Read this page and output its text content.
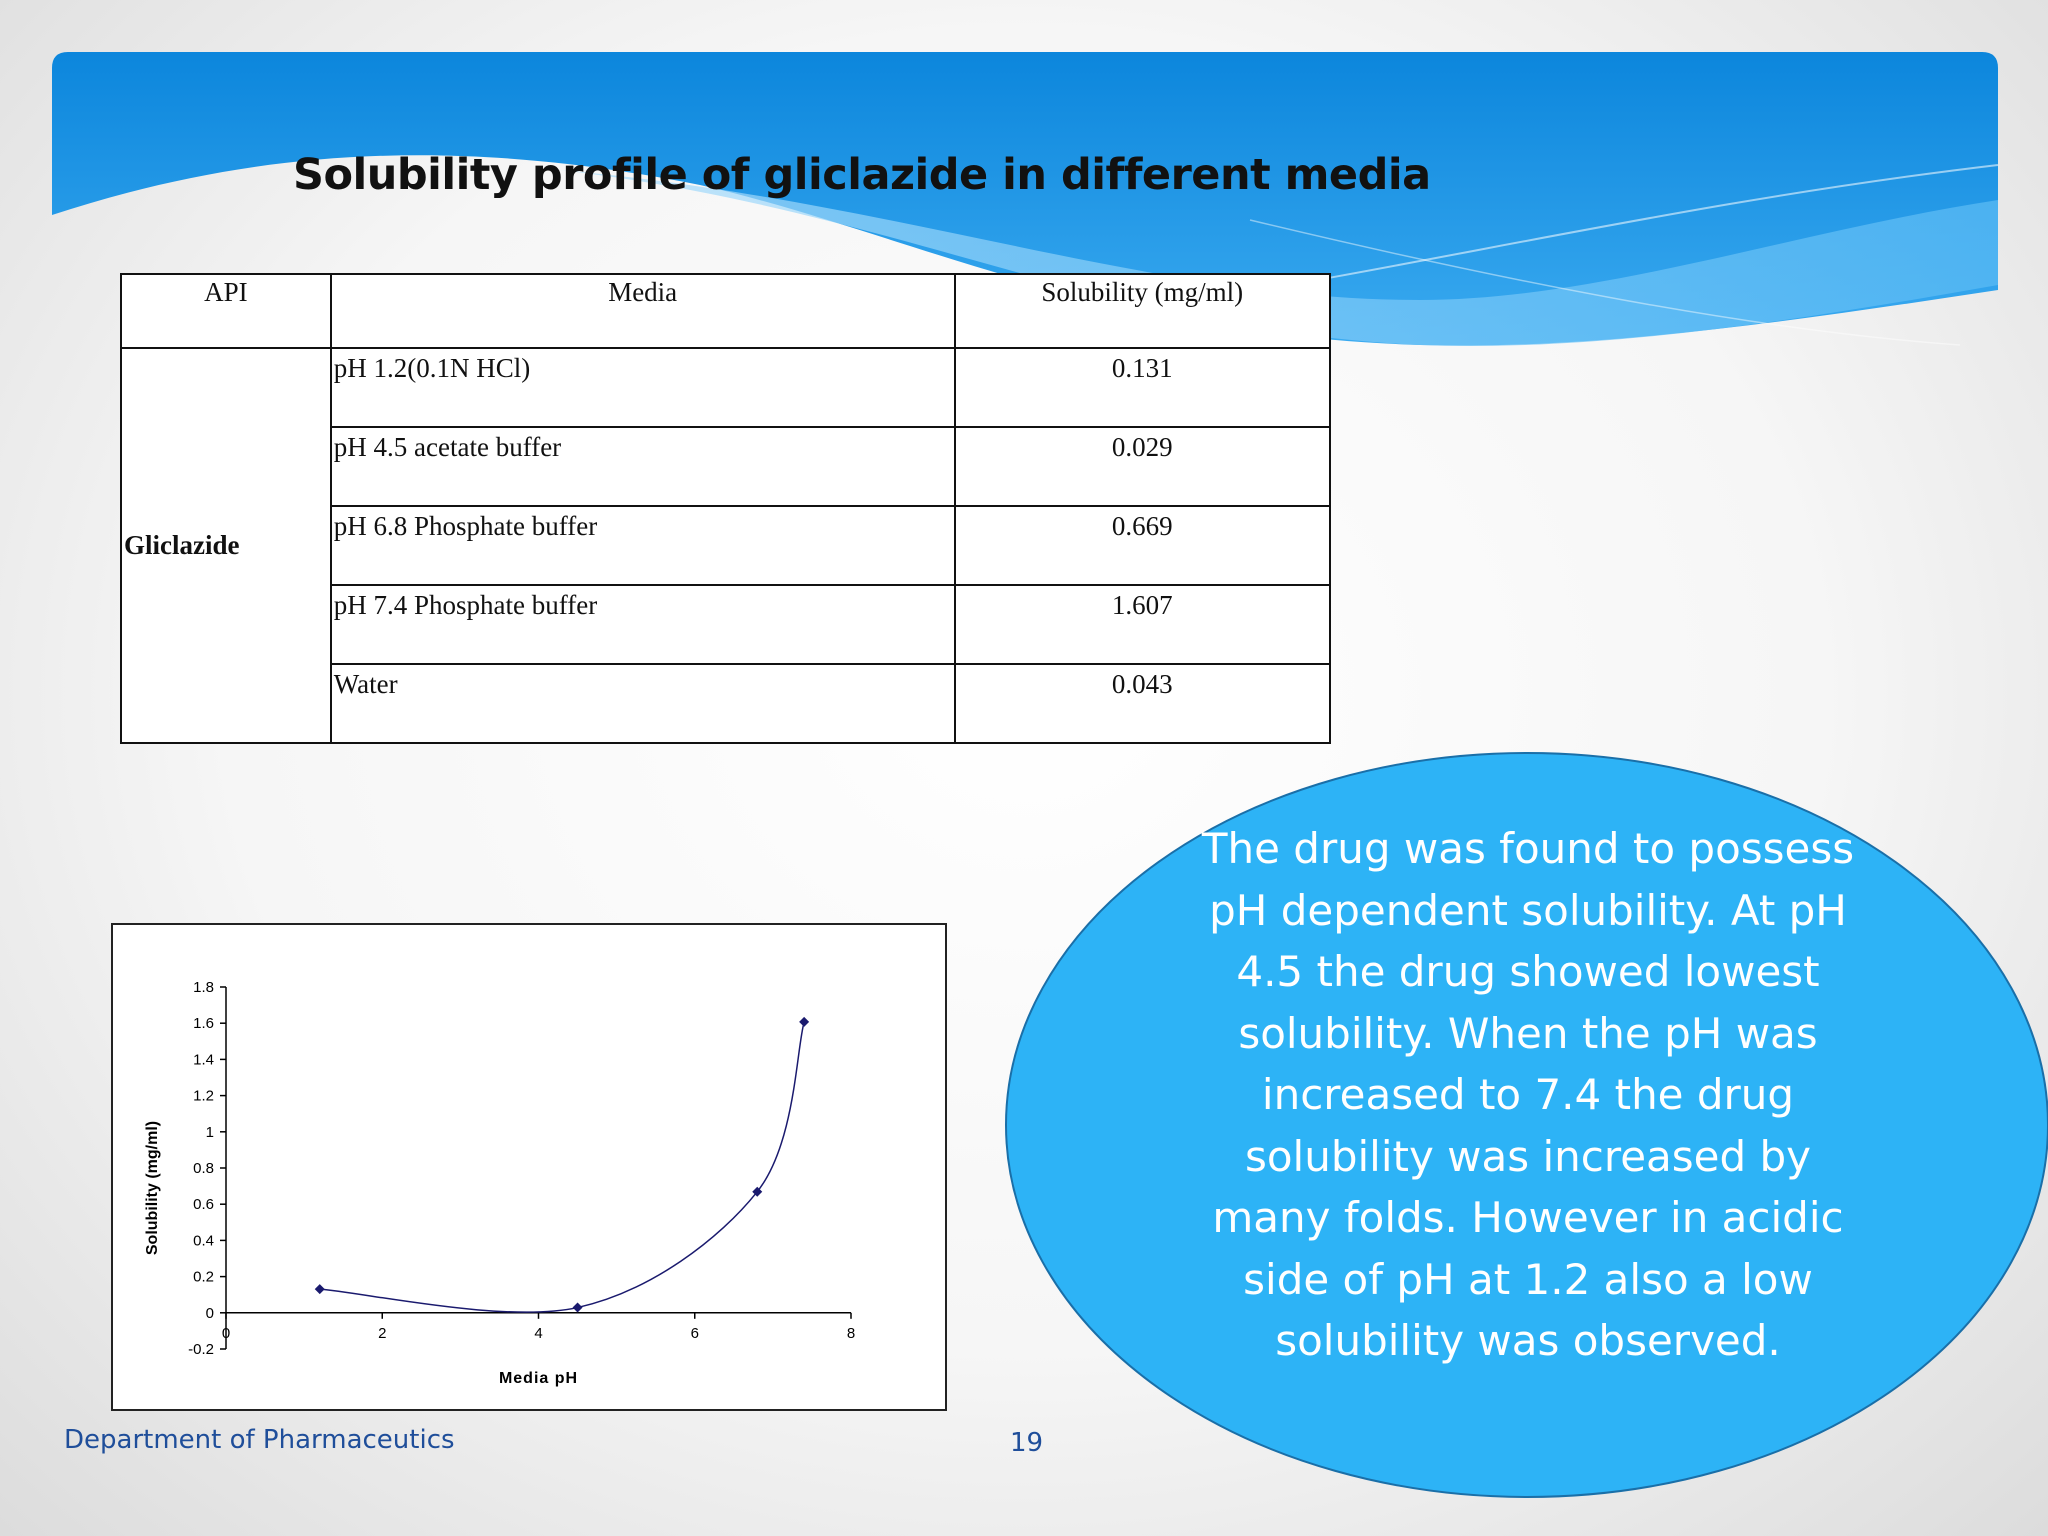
Solubility profile of gliclazide in different media
API	Media	Solubility (mg/ml)
Gliclazide	pH 1.2(0.1N HCl)	0.131
	pH 4.5 acetate buffer	0.029
	pH 6.8 Phosphate buffer	0.669
	pH 7.4 Phosphate buffer	1.607
	Water	0.043
-0.2
0
0.2
0.4
0.6
0.8
1
1.2
1.4
1.6
1.8
0	2	4	6	8
Media pH
Solubility (mg/ml)

The drug was found to possess
pH dependent solubility. At pH
4.5 the drug showed lowest
solubility. When the pH was
increased to 7.4 the drug
solubility was increased by
many folds. However in acidic
side of pH at 1.2 also a low
solubility was observed.

Department of Pharmaceutics	19
